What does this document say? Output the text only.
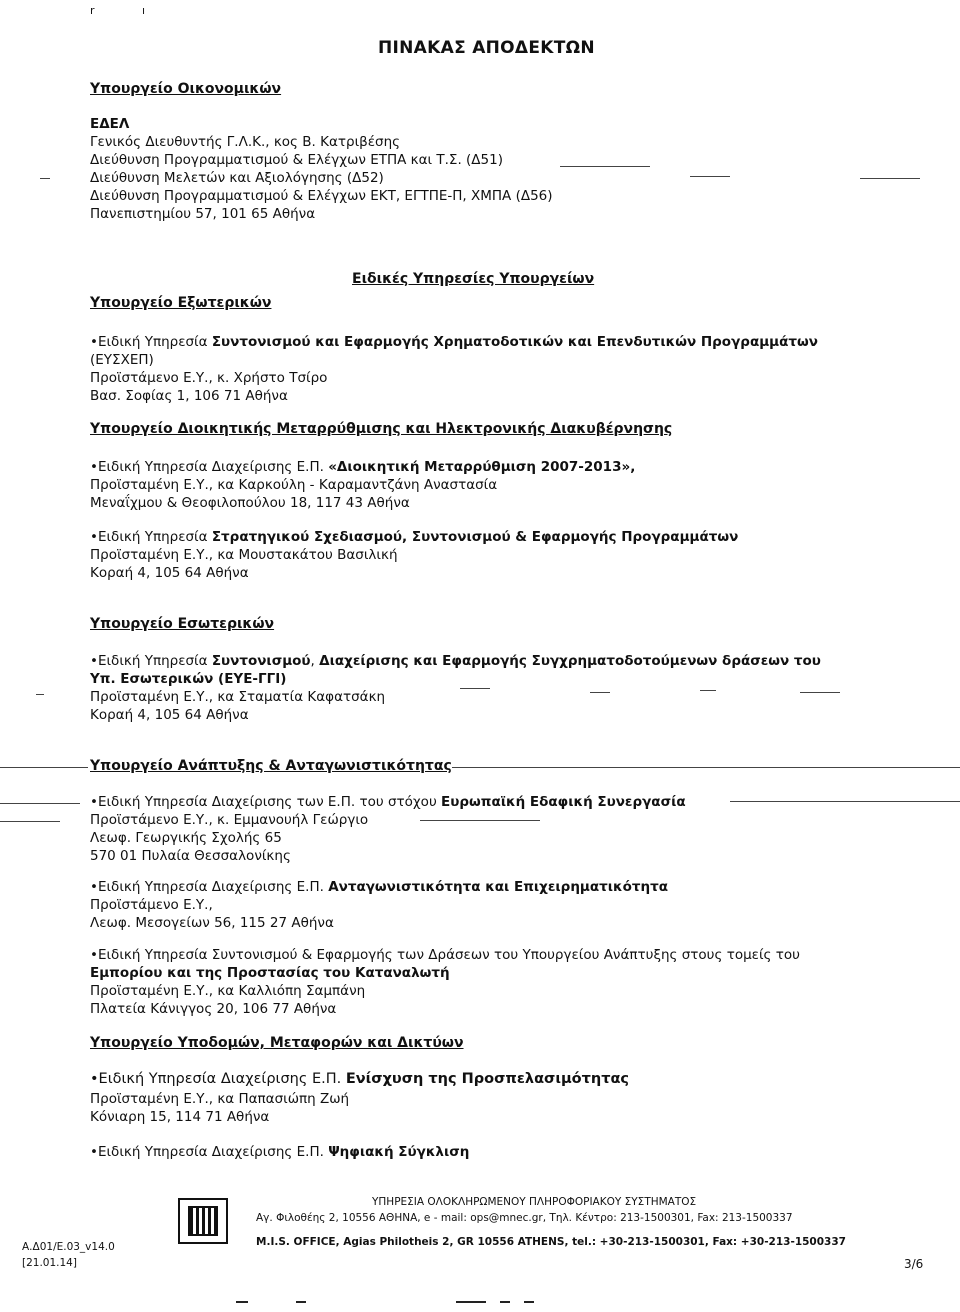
r	ı
ΠΙΝΑΚΑΣ ΑΠΟΔΕΚΤΩΝ
Υπουργείο Οικονομικών
ΕΔΕΛ
Γενικός Διευθυντής Γ.Λ.Κ., κος Β. Κατριβέσης
Διεύθυνση Προγραμματισμού & Ελέγχων ΕΤΠΑ και Τ.Σ. (Δ51)
Διεύθυνση Μελετών και Αξιολόγησης (Δ52)
Διεύθυνση Προγραμματισμού & Ελέγχων ΕΚΤ, ΕΓΤΠΕ-Π, ΧΜΠΑ (Δ56)
Πανεπιστημίου 57, 101 65 Αθήνα
Ειδικές Υπηρεσίες Υπουργείων
Υπουργείο Εξωτερικών
•Ειδική Υπηρεσία Συντονισμού και Εφαρμογής Χρηματοδοτικών και Επενδυτικών Προγραμμάτων
(ΕΥΣΧΕΠ)
Προϊστάμενο Ε.Υ., κ. Χρήστο Τσίρο
Βασ. Σοφίας 1, 106 71 Αθήνα
Υπουργείο Διοικητικής Μεταρρύθμισης και Ηλεκτρονικής Διακυβέρνησης
•Ειδική Υπηρεσία Διαχείρισης Ε.Π. «Διοικητική Μεταρρύθμιση 2007-2013»,
Προϊσταμένη Ε.Υ., κα Καρκούλη - Καραμαντζάνη Αναστασία
Μεναΐχμου & Θεοφιλοπούλου 18, 117 43 Αθήνα
•Ειδική Υπηρεσία Στρατηγικού Σχεδιασμού, Συντονισμού & Εφαρμογής Προγραμμάτων
Προϊσταμένη Ε.Υ., κα Μουστακάτου Βασιλική
Κοραή 4, 105 64 Αθήνα
Υπουργείο Εσωτερικών
•Ειδική Υπηρεσία Συντονισμού, Διαχείρισης και Εφαρμογής Συγχρηματοδοτούμενων δράσεων του
Υπ. Εσωτερικών (ΕΥΕ-ΓΓΙ)
Προϊσταμένη Ε.Υ., κα Σταματία Καφατσάκη
Κοραή 4, 105 64 Αθήνα
Υπουργείο Ανάπτυξης & Ανταγωνιστικότητας
•Ειδική Υπηρεσία Διαχείρισης των Ε.Π. του στόχου Ευρωπαϊκή Εδαφική Συνεργασία
Προϊστάμενο Ε.Υ., κ. Εμμανουήλ Γεώργιο
Λεωφ. Γεωργικής Σχολής 65
570 01 Πυλαία Θεσσαλονίκης
•Ειδική Υπηρεσία Διαχείρισης Ε.Π. Ανταγωνιστικότητα και Επιχειρηματικότητα
Προϊστάμενο Ε.Υ.,
Λεωφ. Μεσογείων 56, 115 27 Αθήνα
•Ειδική Υπηρεσία Συντονισμού & Εφαρμογής των Δράσεων του Υπουργείου Ανάπτυξης στους τομείς του
Εμπορίου και της Προστασίας του Καταναλωτή
Προϊσταμένη Ε.Υ., κα Καλλιόπη Σαμπάνη
Πλατεία Κάνιγγος 20, 106 77 Αθήνα
Υπουργείο Υποδομών, Μεταφορών και Δικτύων
•Ειδική Υπηρεσία Διαχείρισης Ε.Π. Ενίσχυση της Προσπελασιμότητας
Προϊσταμένη Ε.Υ., κα Παπασιώπη Ζωή
Κόνιαρη 15, 114 71 Αθήνα
•Ειδική Υπηρεσία Διαχείρισης Ε.Π. Ψηφιακή Σύγκλιση
Α.Δ01/Ε.03_v14.0
[21.01.14]
ΥΠΗΡΕΣΙΑ ΟΛΟΚΛΗΡΩΜΕΝΟΥ ΠΛΗΡΟΦΟΡΙΑΚΟΥ ΣΥΣΤΗΜΑΤΟΣ
Αγ. Φιλοθέης 2, 10556 ΑΘΗΝΑ, e - mail: ops@mnec.gr, Τηλ. Κέντρο: 213-1500301, Fax: 213-1500337
M.I.S. OFFICE, Agias Philotheis 2, GR 10556 ATHENS, tel.: +30-213-1500301, Fax: +30-213-1500337
3/6
